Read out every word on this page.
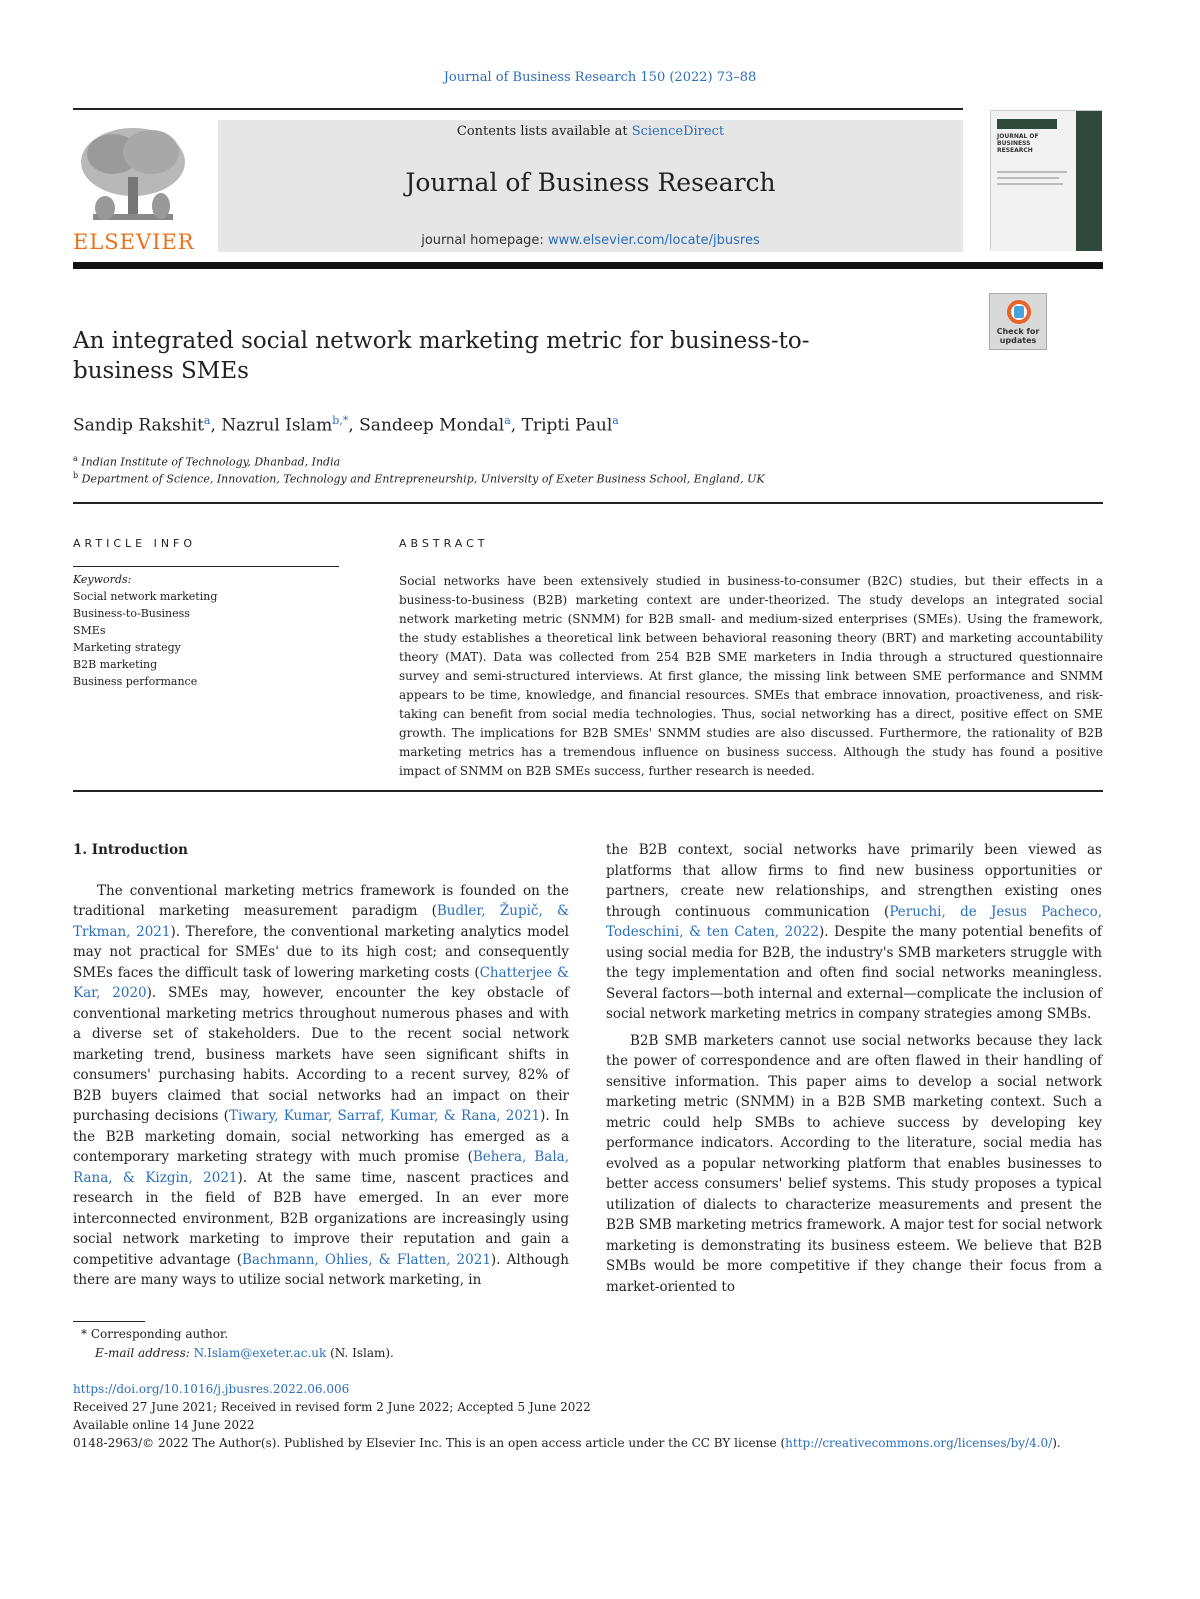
Journal of Business Research 150 (2022) 73–88
ELSEVIER
Contents lists available at ScienceDirect
Journal of Business Research
journal homepage: www.elsevier.com/locate/jbusres
JOURNAL OF BUSINESS RESEARCH
Check for updates
An integrated social network marketing metric for business-to-business SMEs
Sandip Rakshit$^a$, Nazrul Islam$^{b,*}$, Sandeep Mondal$^a$, Tripti Paul$^a$
$^a$ Indian Institute of Technology, Dhanbad, India
$^b$ Department of Science, Innovation, Technology and Entrepreneurship, University of Exeter Business School, England, UK
ARTICLE INFO	ABSTRACT
Keywords:
Social network marketing
Business-to-Business
SMEs
Marketing strategy
B2B marketing
Business performance
Social networks have been extensively studied in business-to-consumer (B2C) studies, but their effects in a business-to-business (B2B) marketing context are under-theorized. The study develops an integrated social network marketing metric (SNMM) for B2B small- and medium-sized enterprises (SMEs). Using the framework, the study establishes a theoretical link between behavioral reasoning theory (BRT) and marketing accountability theory (MAT). Data was collected from 254 B2B SME marketers in India through a structured questionnaire survey and semi-structured interviews. At first glance, the missing link between SME performance and SNMM appears to be time, knowledge, and financial resources. SMEs that embrace innovation, proactiveness, and risk-taking can benefit from social media technologies. Thus, social networking has a direct, positive effect on SME growth. The implications for B2B SMEs' SNMM studies are also discussed. Furthermore, the rationality of B2B marketing metrics has a tremendous influence on business success. Although the study has found a positive impact of SNMM on B2B SMEs success, further research is needed.
1. Introduction

The conventional marketing metrics framework is founded on the traditional marketing measurement paradigm (Budler, Župič, & Trkman, 2021). Therefore, the conventional marketing analytics model may not practical for SMEs' due to its high cost; and consequently SMEs faces the difficult task of lowering marketing costs (Chatterjee & Kar, 2020). SMEs may, however, encounter the key obstacle of conventional marketing metrics throughout numerous phases and with a diverse set of stakeholders. Due to the recent social network marketing trend, business markets have seen significant shifts in consumers' purchasing habits. According to a recent survey, 82% of B2B buyers claimed that social networks had an impact on their purchasing decisions (Tiwary, Kumar, Sarraf, Kumar, & Rana, 2021). In the B2B marketing domain, social networking has emerged as a contemporary marketing strategy with much promise (Behera, Bala, Rana, & Kizgin, 2021). At the same time, nascent practices and research in the field of B2B have emerged. In an ever more interconnected environment, B2B organizations are increasingly using social network marketing to improve their reputation and gain a competitive advantage (Bachmann, Ohlies, & Flatten, 2021). Although there are many ways to utilize social network marketing, in

the B2B context, social networks have primarily been viewed as platforms that allow firms to find new business opportunities or partners, create new relationships, and strengthen existing ones through continuous communication (Peruchi, de Jesus Pacheco, Todeschini, & ten Caten, 2022). Despite the many potential benefits of using social media for B2B, the industry's SMB marketers struggle with the tegy implementation and often find social networks meaningless. Several factors—both internal and external—complicate the inclusion of social network marketing metrics in company strategies among SMBs.

B2B SMB marketers cannot use social networks because they lack the power of correspondence and are often flawed in their handling of sensitive information. This paper aims to develop a social network marketing metric (SNMM) in a B2B SMB marketing context. Such a metric could help SMBs to achieve success by developing key performance indicators. According to the literature, social media has evolved as a popular networking platform that enables businesses to better access consumers' belief systems. This study proposes a typical utilization of dialects to characterize measurements and present the B2B SMB marketing metrics framework. A major test for social network marketing is demonstrating its business esteem. We believe that B2B SMBs would be more competitive if they change their focus from a market-oriented to

* Corresponding author.
E-mail address: N.Islam@exeter.ac.uk (N. Islam).
https://doi.org/10.1016/j.jbusres.2022.06.006
Received 27 June 2021; Received in revised form 2 June 2022; Accepted 5 June 2022
Available online 14 June 2022
0148-2963/© 2022 The Author(s). Published by Elsevier Inc. This is an open access article under the CC BY license (http://creativecommons.org/licenses/by/4.0/).
